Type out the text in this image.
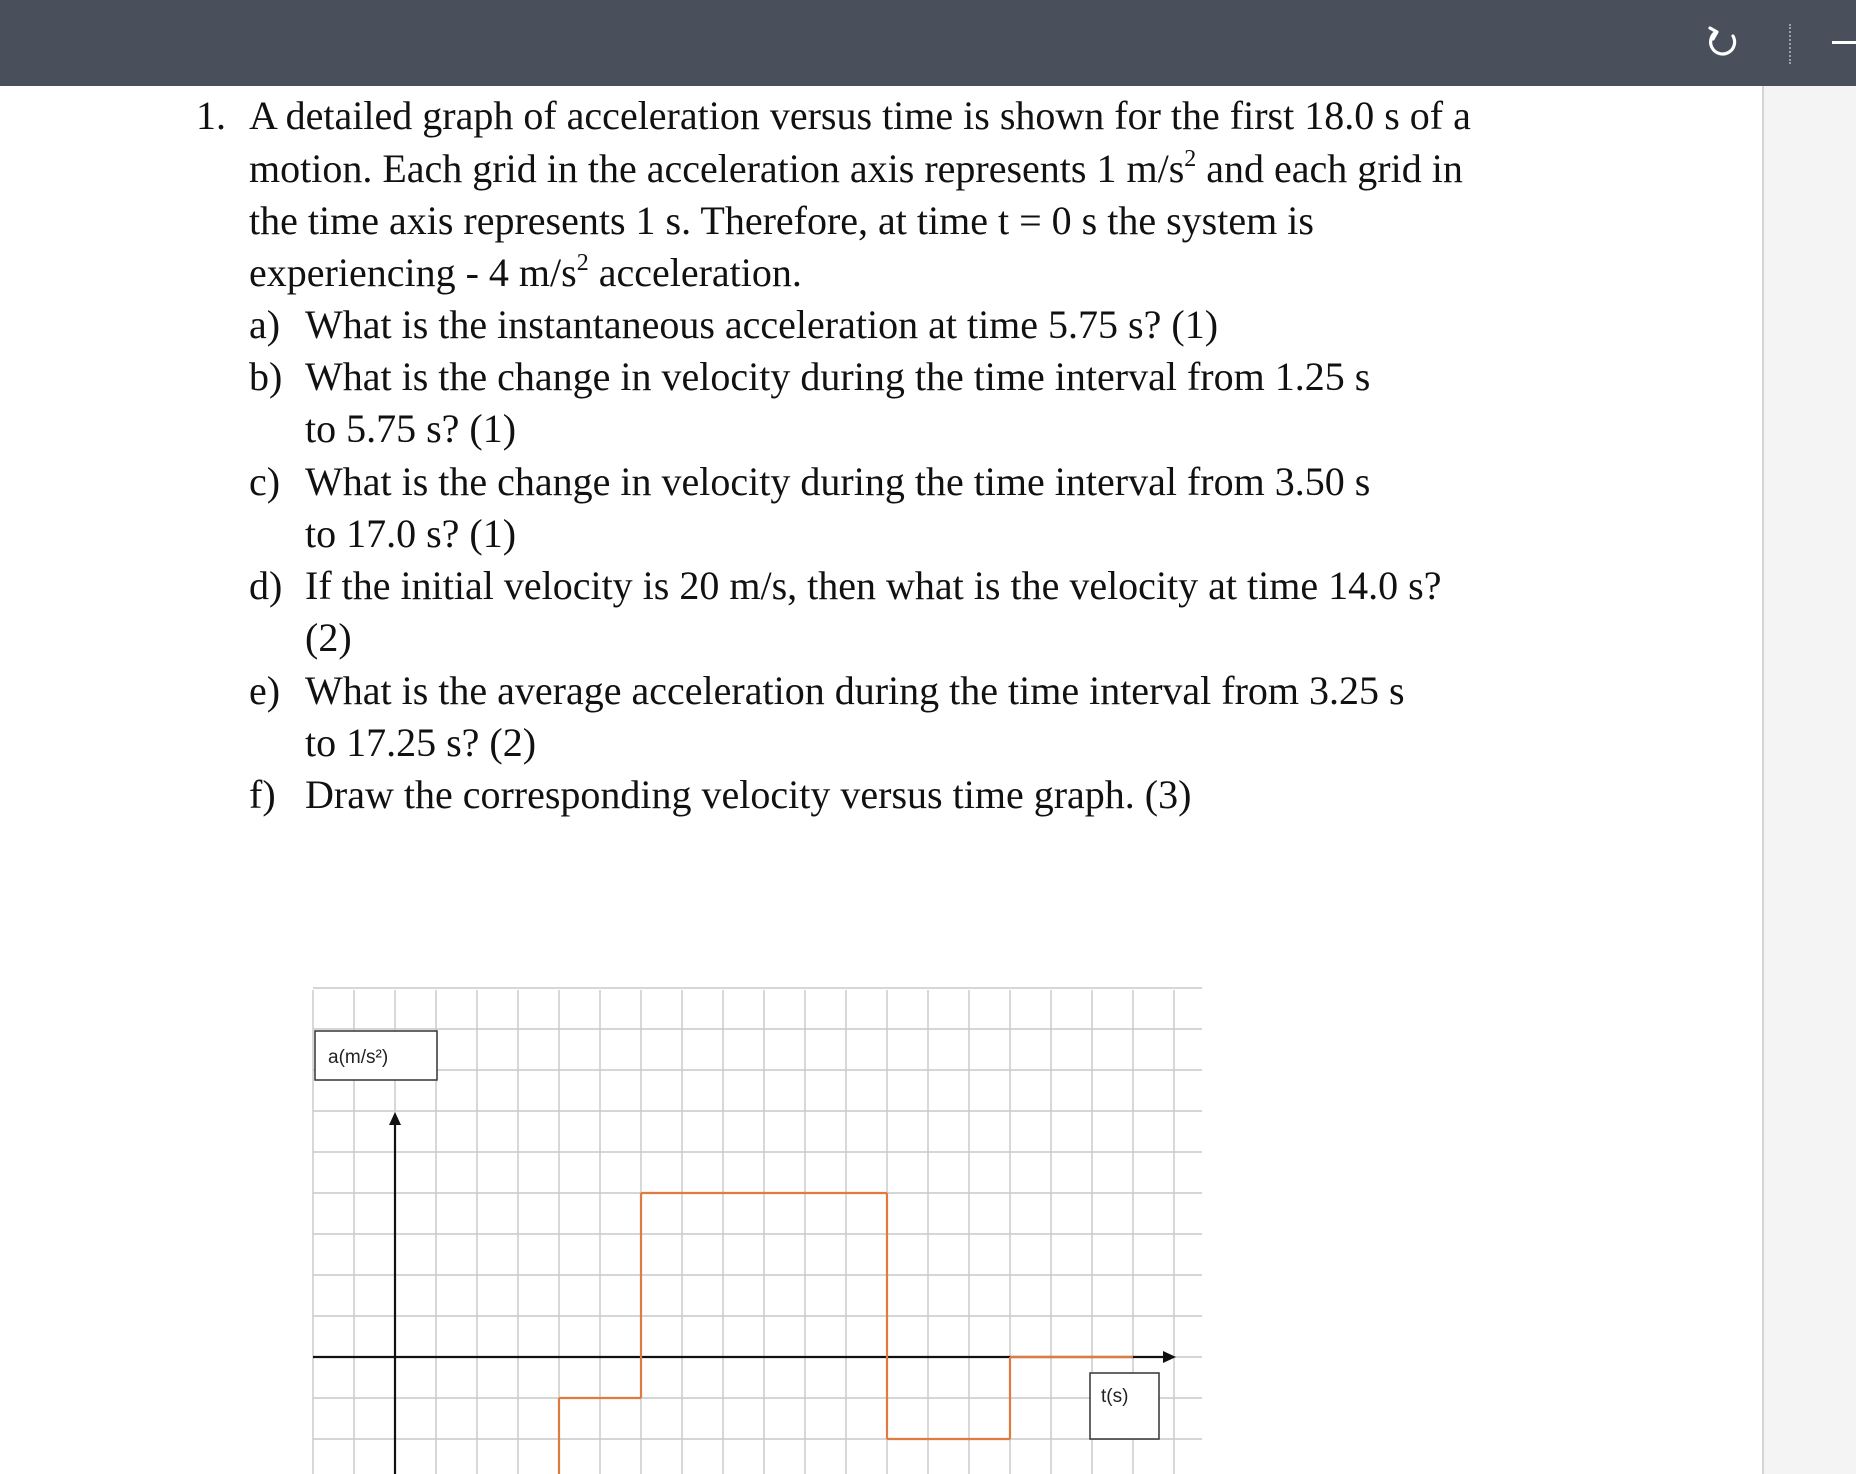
1. A detailed graph of acceleration versus time is shown for the first 18.0 s of a
motion. Each grid in the acceleration axis represents 1 $m/s^2$ and each grid in
the time axis represents 1 s. Therefore, at time t = 0 s the system is
experiencing - 4 $m/s^2$ acceleration.
a) What is the instantaneous acceleration at time 5.75 s? (1)
b) What is the change in velocity during the time interval from 1.25 s
to 5.75 s? (1)
c) What is the change in velocity during the time interval from 3.50 s
to 17.0 s? (1)
d) If the initial velocity is 20 m/s, then what is the velocity at time 14.0 s?
(2)
e) What is the average acceleration during the time interval from 3.25 s
to 17.25 s? (2)
f) Draw the corresponding velocity versus time graph. (3)
a(m/s²)
t(s)
